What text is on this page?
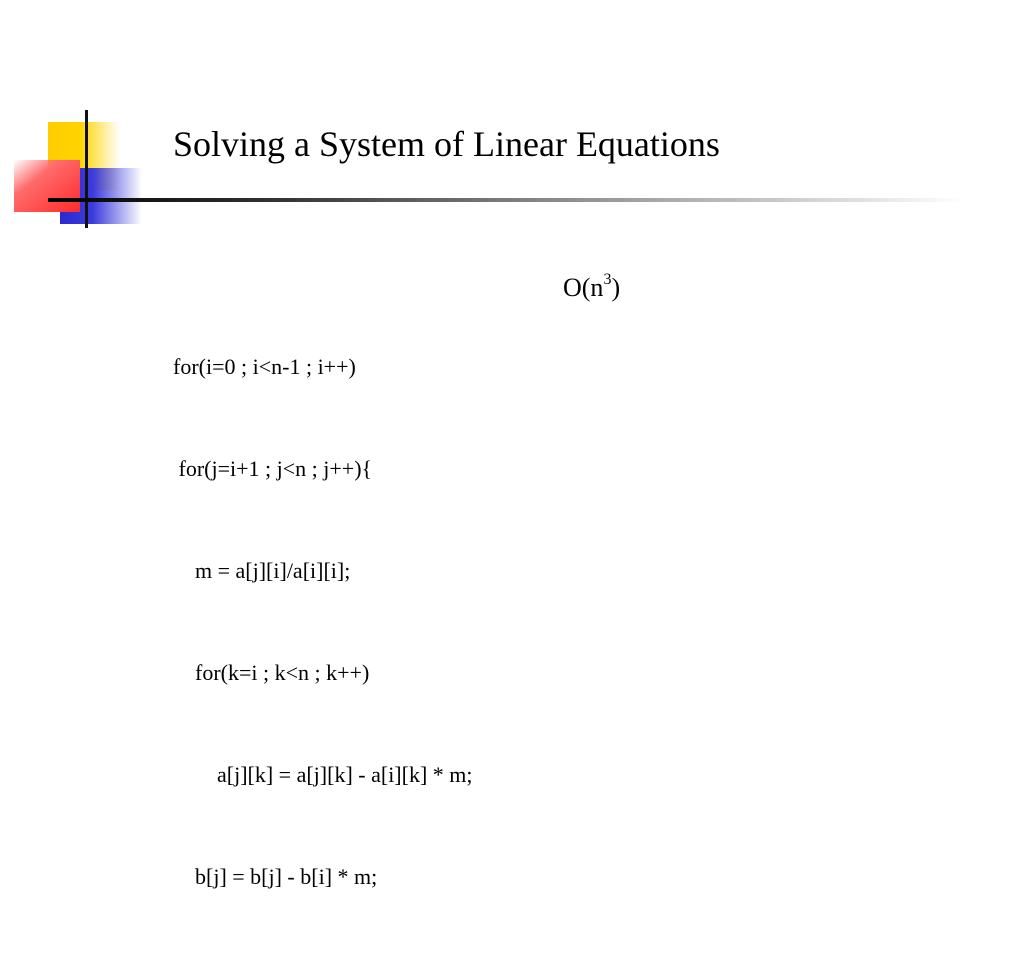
Solving a System of Linear Equations

for(i=0 ; i<n-1 ; i++)

for(j=i+1 ; j<n ; j++){

m = a[j][i]/a[i][i];

for(k=i ; k<n ; k++)

a[j][k] = a[j][k] - a[i][k] * m;

b[j] = b[j] - b[i] * m;

$O(n^3)$
